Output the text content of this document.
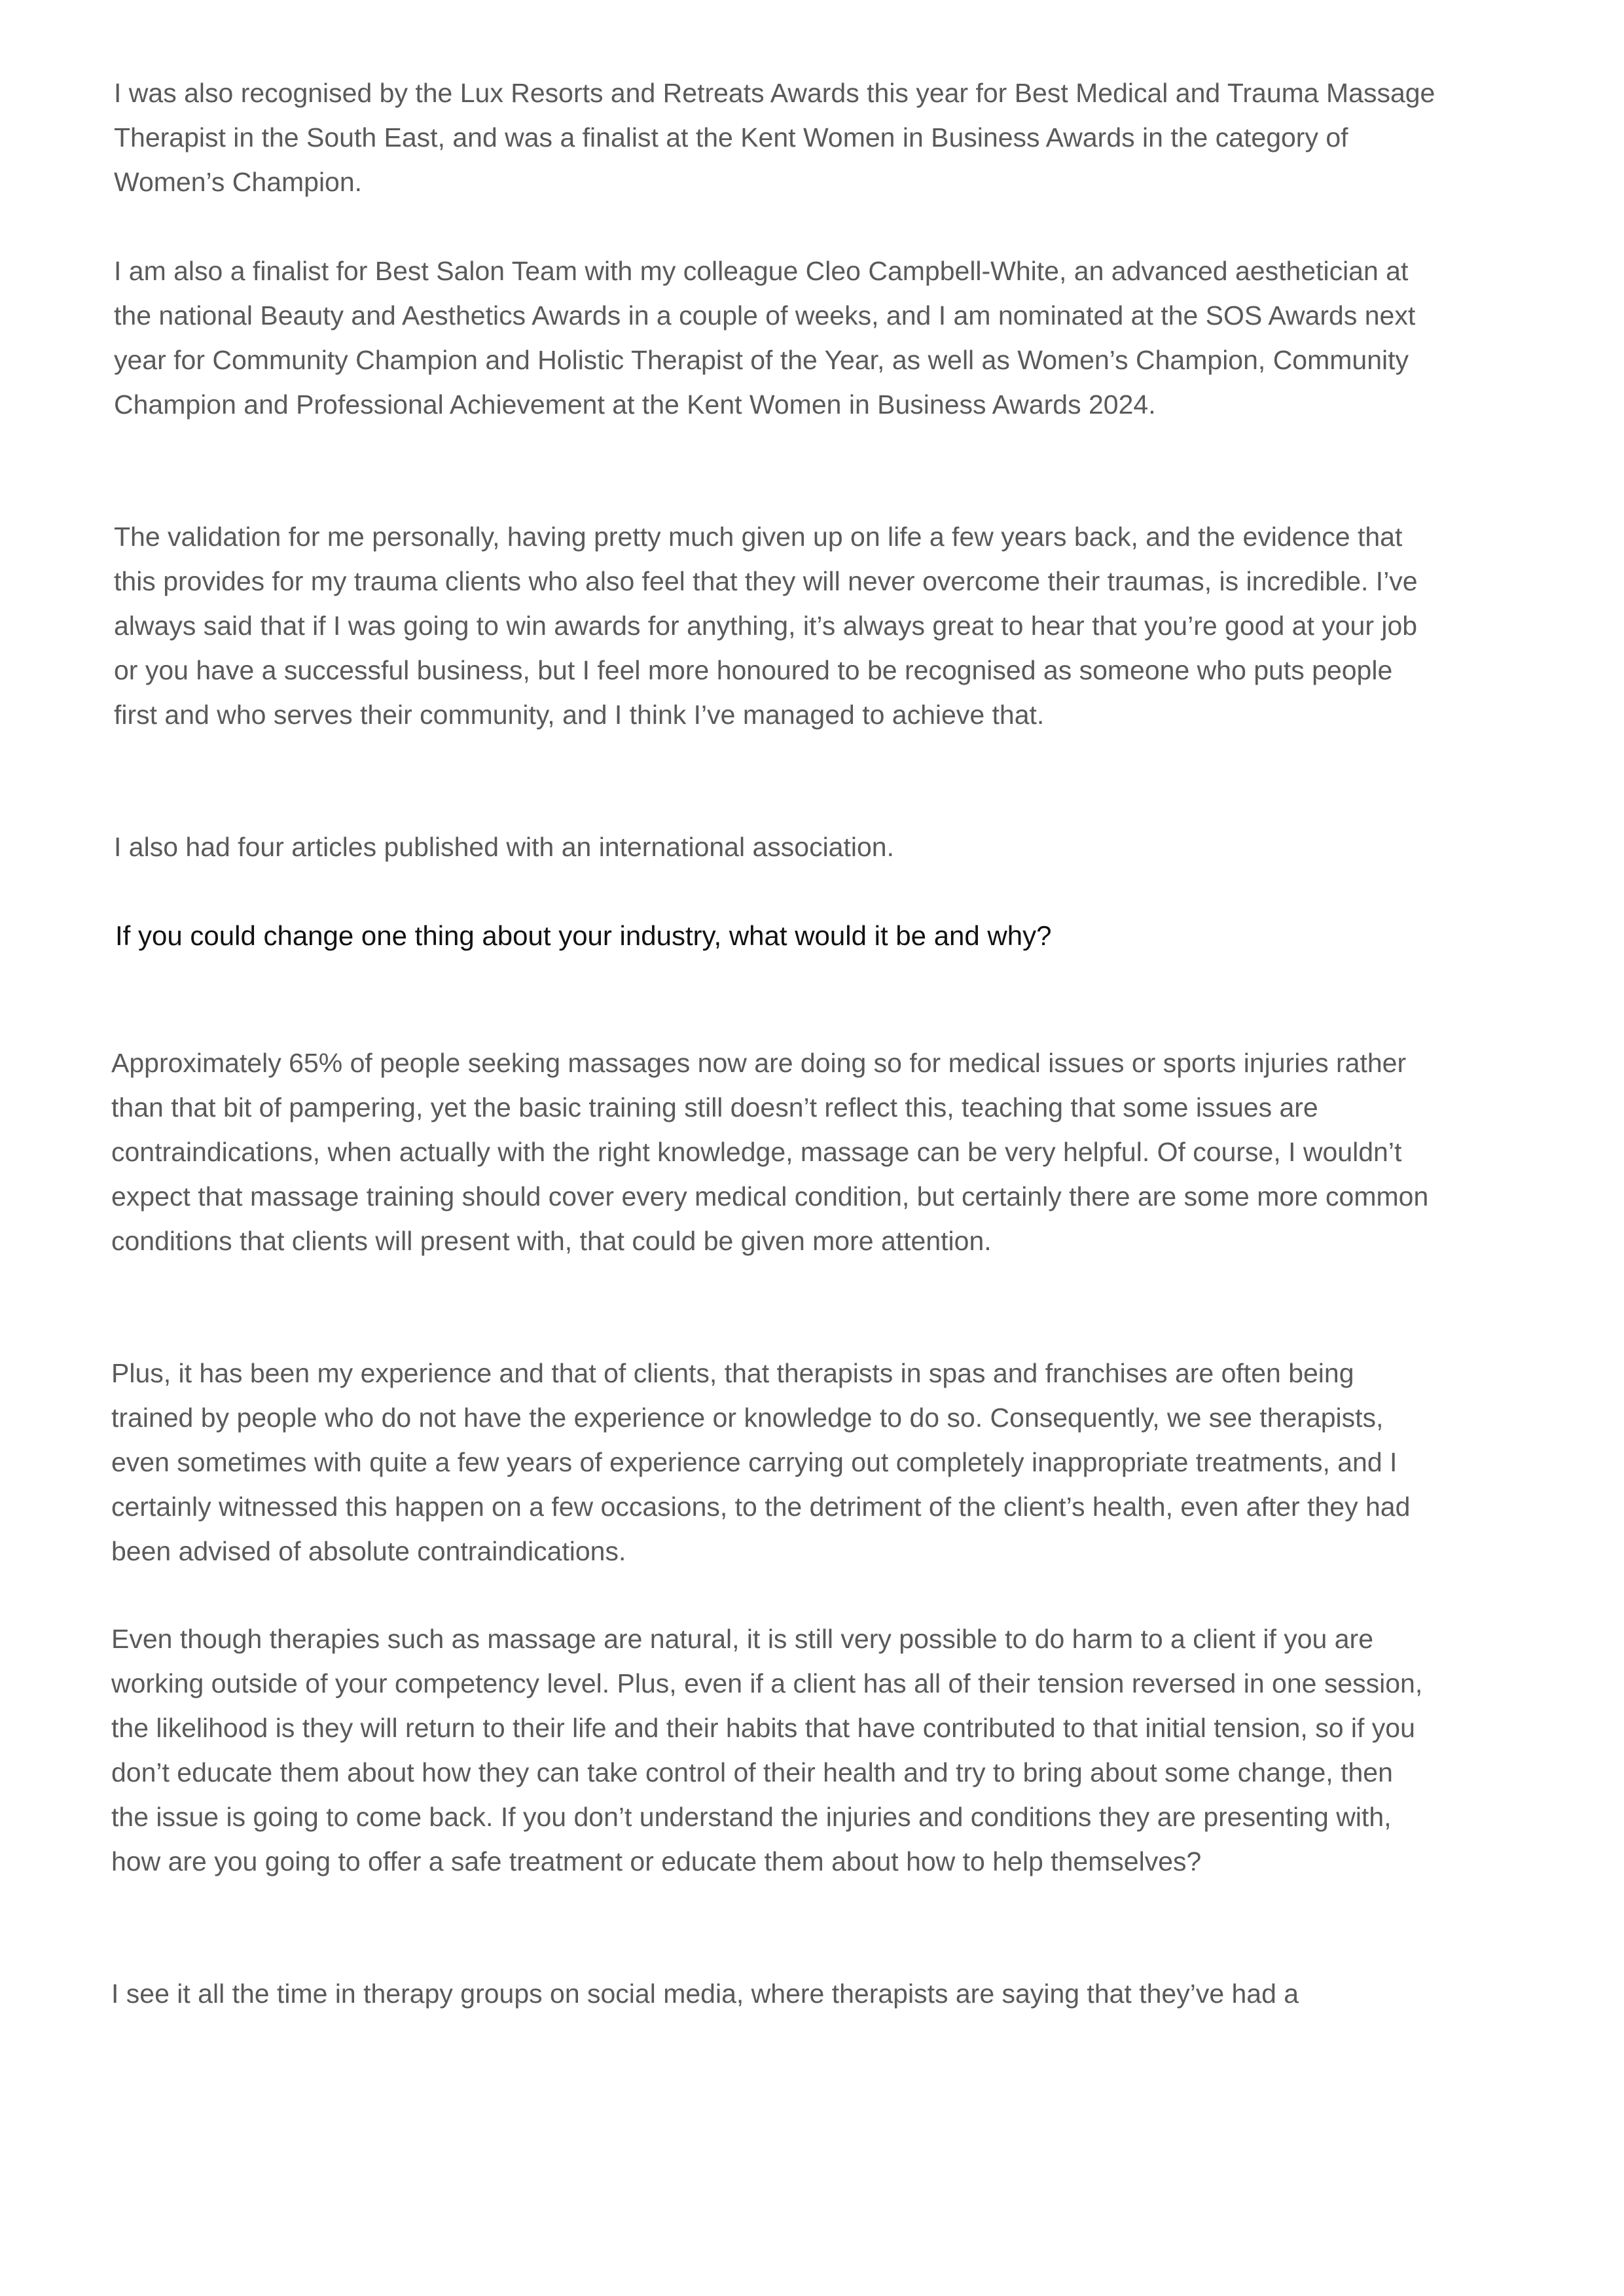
I was also recognised by the Lux Resorts and Retreats Awards this year for Best Medical and Trauma Massage Therapist in the South East, and was a finalist at the Kent Women in Business Awards in the category of Women’s Champion.

I am also a finalist for Best Salon Team with my colleague Cleo Campbell-White, an advanced aesthetician at the national Beauty and Aesthetics Awards in a couple of weeks, and I am nominated at the SOS Awards next year for Community Champion and Holistic Therapist of the Year, as well as Women’s Champion, Community Champion and Professional Achievement at the Kent Women in Business Awards 2024.

The validation for me personally, having pretty much given up on life a few years back, and the evidence that this provides for my trauma clients who also feel that they will never overcome their traumas, is incredible. I’ve always said that if I was going to win awards for anything, it’s always great to hear that you’re good at your job or you have a successful business, but I feel more honoured to be recognised as someone who puts people first and who serves their community, and I think I’ve managed to achieve that.

I also had four articles published with an international association.

If you could change one thing about your industry, what would it be and why?

Approximately 65% of people seeking massages now are doing so for medical issues or sports injuries rather than that bit of pampering, yet the basic training still doesn’t reflect this, teaching that some issues are contraindications, when actually with the right knowledge, massage can be very helpful. Of course, I wouldn’t expect that massage training should cover every medical condition, but certainly there are some more common conditions that clients will present with, that could be given more attention.

Plus, it has been my experience and that of clients, that therapists in spas and franchises are often being trained by people who do not have the experience or knowledge to do so. Consequently, we see therapists, even sometimes with quite a few years of experience carrying out completely inappropriate treatments, and I certainly witnessed this happen on a few occasions, to the detriment of the client’s health, even after they had been advised of absolute contraindications.

Even though therapies such as massage are natural, it is still very possible to do harm to a client if you are working outside of your competency level. Plus, even if a client has all of their tension reversed in one session, the likelihood is they will return to their life and their habits that have contributed to that initial tension, so if you don’t educate them about how they can take control of their health and try to bring about some change, then the issue is going to come back. If you don’t understand the injuries and conditions they are presenting with, how are you going to offer a safe treatment or educate them about how to help themselves?

I see it all the time in therapy groups on social media, where therapists are saying that they’ve had a
